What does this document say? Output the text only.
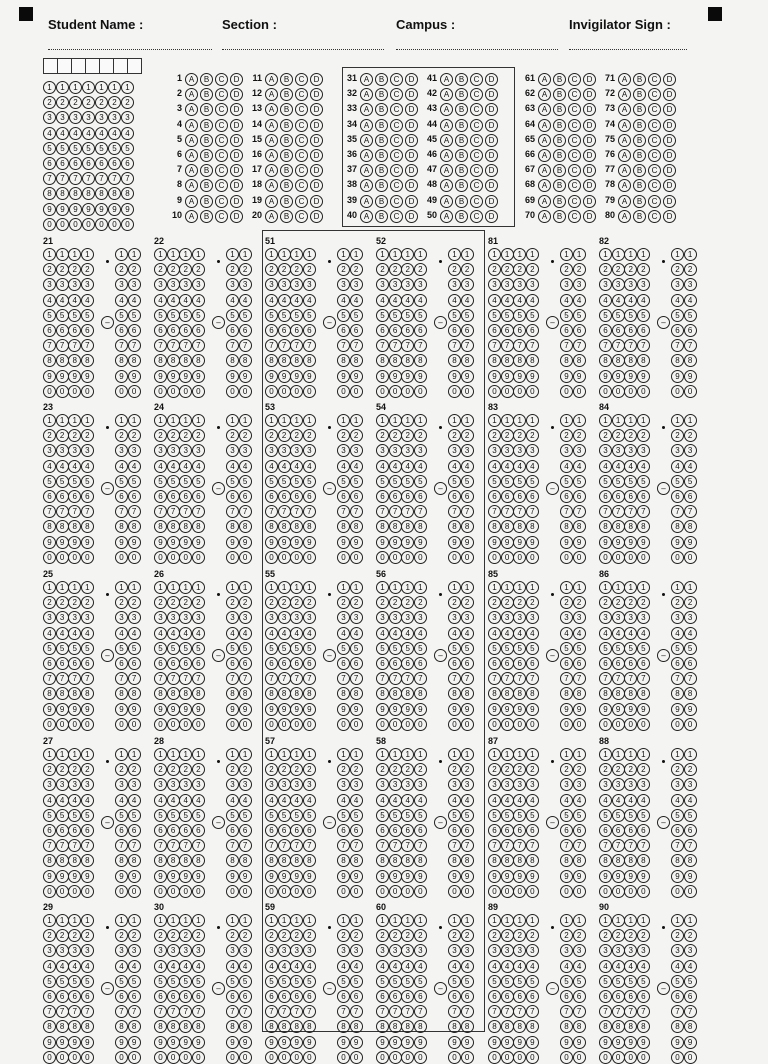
Student Name :	Section :	Campus :	Invigilator Sign :
1	1	1	1	1	1	1
2	2	2	2	2	2	2
3	3	3	3	3	3	3
4	4	4	4	4	4	4
5	5	5	5	5	5	5
6	6	6	6	6	6	6
7	7	7	7	7	7	7
8	8	8	8	8	8	8
9	9	9	9	9	9	9
0	0	0	0	0	0	0
1 A	B	C	D
2 A	B	C	D
3 A	B	C	D
4 A	B	C	D
5 A	B	C	D
6 A	B	C	D
7 A	B	C	D
8 A	B	C	D
9 A	B	C	D
10 A	B	C	D
11 A	B	C	D
12 A	B	C	D
13 A	B	C	D
14 A	B	C	D
15 A	B	C	D
16 A	B	C	D
17 A	B	C	D
18 A	B	C	D
19 A	B	C	D
20 A	B	C	D
31 A	B	C	D
32 A	B	C	D
33 A	B	C	D
34 A	B	C	D
35 A	B	C	D
36 A	B	C	D
37 A	B	C	D
38 A	B	C	D
39 A	B	C	D
40 A	B	C	D
41 A	B	C	D
42 A	B	C	D
43 A	B	C	D
44 A	B	C	D
45 A	B	C	D
46 A	B	C	D
47 A	B	C	D
48 A	B	C	D
49 A	B	C	D
50 A	B	C	D
61 A	B	C	D
62 A	B	C	D
63 A	B	C	D
64 A	B	C	D
65 A	B	C	D
66 A	B	C	D
67 A	B	C	D
68 A	B	C	D
69 A	B	C	D
70 A	B	C	D
71 A	B	C	D
72 A	B	C	D
73 A	B	C	D
74 A	B	C	D
75 A	B	C	D
76 A	B	C	D
77 A	B	C	D
78 A	B	C	D
79 A	B	C	D
80 A	B	C	D
21
1	1	1	1	1	1
2	2	2	2	2	2
3	3	3	3	3	3
4	4	4	4	4	4
5	5	5	5	5	5
6	6	6	6	6	6
7	7	7	7	7	7
8	8	8	8	8	8
9	9	9	9	9	9
0	0	0	0	0	0
–
22
1	1	1	1	1	1
2	2	2	2	2	2
3	3	3	3	3	3
4	4	4	4	4	4
5	5	5	5	5	5
6	6	6	6	6	6
7	7	7	7	7	7
8	8	8	8	8	8
9	9	9	9	9	9
0	0	0	0	0	0
–
51
1	1	1	1	1	1
2	2	2	2	2	2
3	3	3	3	3	3
4	4	4	4	4	4
5	5	5	5	5	5
6	6	6	6	6	6
7	7	7	7	7	7
8	8	8	8	8	8
9	9	9	9	9	9
0	0	0	0	0	0
–
52
1	1	1	1	1	1
2	2	2	2	2	2
3	3	3	3	3	3
4	4	4	4	4	4
5	5	5	5	5	5
6	6	6	6	6	6
7	7	7	7	7	7
8	8	8	8	8	8
9	9	9	9	9	9
0	0	0	0	0	0
–
81
1	1	1	1	1	1
2	2	2	2	2	2
3	3	3	3	3	3
4	4	4	4	4	4
5	5	5	5	5	5
6	6	6	6	6	6
7	7	7	7	7	7
8	8	8	8	8	8
9	9	9	9	9	9
0	0	0	0	0	0
–
82
1	1	1	1	1	1
2	2	2	2	2	2
3	3	3	3	3	3
4	4	4	4	4	4
5	5	5	5	5	5
6	6	6	6	6	6
7	7	7	7	7	7
8	8	8	8	8	8
9	9	9	9	9	9
0	0	0	0	0	0
–
23
1	1	1	1	1	1
2	2	2	2	2	2
3	3	3	3	3	3
4	4	4	4	4	4
5	5	5	5	5	5
6	6	6	6	6	6
7	7	7	7	7	7
8	8	8	8	8	8
9	9	9	9	9	9
0	0	0	0	0	0
–
24
1	1	1	1	1	1
2	2	2	2	2	2
3	3	3	3	3	3
4	4	4	4	4	4
5	5	5	5	5	5
6	6	6	6	6	6
7	7	7	7	7	7
8	8	8	8	8	8
9	9	9	9	9	9
0	0	0	0	0	0
–
53
1	1	1	1	1	1
2	2	2	2	2	2
3	3	3	3	3	3
4	4	4	4	4	4
5	5	5	5	5	5
6	6	6	6	6	6
7	7	7	7	7	7
8	8	8	8	8	8
9	9	9	9	9	9
0	0	0	0	0	0
–
54
1	1	1	1	1	1
2	2	2	2	2	2
3	3	3	3	3	3
4	4	4	4	4	4
5	5	5	5	5	5
6	6	6	6	6	6
7	7	7	7	7	7
8	8	8	8	8	8
9	9	9	9	9	9
0	0	0	0	0	0
–
83
1	1	1	1	1	1
2	2	2	2	2	2
3	3	3	3	3	3
4	4	4	4	4	4
5	5	5	5	5	5
6	6	6	6	6	6
7	7	7	7	7	7
8	8	8	8	8	8
9	9	9	9	9	9
0	0	0	0	0	0
–
84
1	1	1	1	1	1
2	2	2	2	2	2
3	3	3	3	3	3
4	4	4	4	4	4
5	5	5	5	5	5
6	6	6	6	6	6
7	7	7	7	7	7
8	8	8	8	8	8
9	9	9	9	9	9
0	0	0	0	0	0
–
25
1	1	1	1	1	1
2	2	2	2	2	2
3	3	3	3	3	3
4	4	4	4	4	4
5	5	5	5	5	5
6	6	6	6	6	6
7	7	7	7	7	7
8	8	8	8	8	8
9	9	9	9	9	9
0	0	0	0	0	0
–
26
1	1	1	1	1	1
2	2	2	2	2	2
3	3	3	3	3	3
4	4	4	4	4	4
5	5	5	5	5	5
6	6	6	6	6	6
7	7	7	7	7	7
8	8	8	8	8	8
9	9	9	9	9	9
0	0	0	0	0	0
–
55
1	1	1	1	1	1
2	2	2	2	2	2
3	3	3	3	3	3
4	4	4	4	4	4
5	5	5	5	5	5
6	6	6	6	6	6
7	7	7	7	7	7
8	8	8	8	8	8
9	9	9	9	9	9
0	0	0	0	0	0
–
56
1	1	1	1	1	1
2	2	2	2	2	2
3	3	3	3	3	3
4	4	4	4	4	4
5	5	5	5	5	5
6	6	6	6	6	6
7	7	7	7	7	7
8	8	8	8	8	8
9	9	9	9	9	9
0	0	0	0	0	0
–
85
1	1	1	1	1	1
2	2	2	2	2	2
3	3	3	3	3	3
4	4	4	4	4	4
5	5	5	5	5	5
6	6	6	6	6	6
7	7	7	7	7	7
8	8	8	8	8	8
9	9	9	9	9	9
0	0	0	0	0	0
–
86
1	1	1	1	1	1
2	2	2	2	2	2
3	3	3	3	3	3
4	4	4	4	4	4
5	5	5	5	5	5
6	6	6	6	6	6
7	7	7	7	7	7
8	8	8	8	8	8
9	9	9	9	9	9
0	0	0	0	0	0
–
27
1	1	1	1	1	1
2	2	2	2	2	2
3	3	3	3	3	3
4	4	4	4	4	4
5	5	5	5	5	5
6	6	6	6	6	6
7	7	7	7	7	7
8	8	8	8	8	8
9	9	9	9	9	9
0	0	0	0	0	0
–
28
1	1	1	1	1	1
2	2	2	2	2	2
3	3	3	3	3	3
4	4	4	4	4	4
5	5	5	5	5	5
6	6	6	6	6	6
7	7	7	7	7	7
8	8	8	8	8	8
9	9	9	9	9	9
0	0	0	0	0	0
–
57
1	1	1	1	1	1
2	2	2	2	2	2
3	3	3	3	3	3
4	4	4	4	4	4
5	5	5	5	5	5
6	6	6	6	6	6
7	7	7	7	7	7
8	8	8	8	8	8
9	9	9	9	9	9
0	0	0	0	0	0
–
58
1	1	1	1	1	1
2	2	2	2	2	2
3	3	3	3	3	3
4	4	4	4	4	4
5	5	5	5	5	5
6	6	6	6	6	6
7	7	7	7	7	7
8	8	8	8	8	8
9	9	9	9	9	9
0	0	0	0	0	0
–
87
1	1	1	1	1	1
2	2	2	2	2	2
3	3	3	3	3	3
4	4	4	4	4	4
5	5	5	5	5	5
6	6	6	6	6	6
7	7	7	7	7	7
8	8	8	8	8	8
9	9	9	9	9	9
0	0	0	0	0	0
–
88
1	1	1	1	1	1
2	2	2	2	2	2
3	3	3	3	3	3
4	4	4	4	4	4
5	5	5	5	5	5
6	6	6	6	6	6
7	7	7	7	7	7
8	8	8	8	8	8
9	9	9	9	9	9
0	0	0	0	0	0
–
29
1	1	1	1	1	1
2	2	2	2	2	2
3	3	3	3	3	3
4	4	4	4	4	4
5	5	5	5	5	5
6	6	6	6	6	6
7	7	7	7	7	7
8	8	8	8	8	8
9	9	9	9	9	9
0	0	0	0	0	0
–
30
1	1	1	1	1	1
2	2	2	2	2	2
3	3	3	3	3	3
4	4	4	4	4	4
5	5	5	5	5	5
6	6	6	6	6	6
7	7	7	7	7	7
8	8	8	8	8	8
9	9	9	9	9	9
0	0	0	0	0	0
–
59
1	1	1	1	1	1
2	2	2	2	2	2
3	3	3	3	3	3
4	4	4	4	4	4
5	5	5	5	5	5
6	6	6	6	6	6
7	7	7	7	7	7
8	8	8	8	8	8
9	9	9	9	9	9
0	0	0	0	0	0
–
60
1	1	1	1	1	1
2	2	2	2	2	2
3	3	3	3	3	3
4	4	4	4	4	4
5	5	5	5	5	5
6	6	6	6	6	6
7	7	7	7	7	7
8	8	8	8	8	8
9	9	9	9	9	9
0	0	0	0	0	0
–
89
1	1	1	1	1	1
2	2	2	2	2	2
3	3	3	3	3	3
4	4	4	4	4	4
5	5	5	5	5	5
6	6	6	6	6	6
7	7	7	7	7	7
8	8	8	8	8	8
9	9	9	9	9	9
0	0	0	0	0	0
–
90
1	1	1	1	1	1
2	2	2	2	2	2
3	3	3	3	3	3
4	4	4	4	4	4
5	5	5	5	5	5
6	6	6	6	6	6
7	7	7	7	7	7
8	8	8	8	8	8
9	9	9	9	9	9
0	0	0	0	0	0
–
